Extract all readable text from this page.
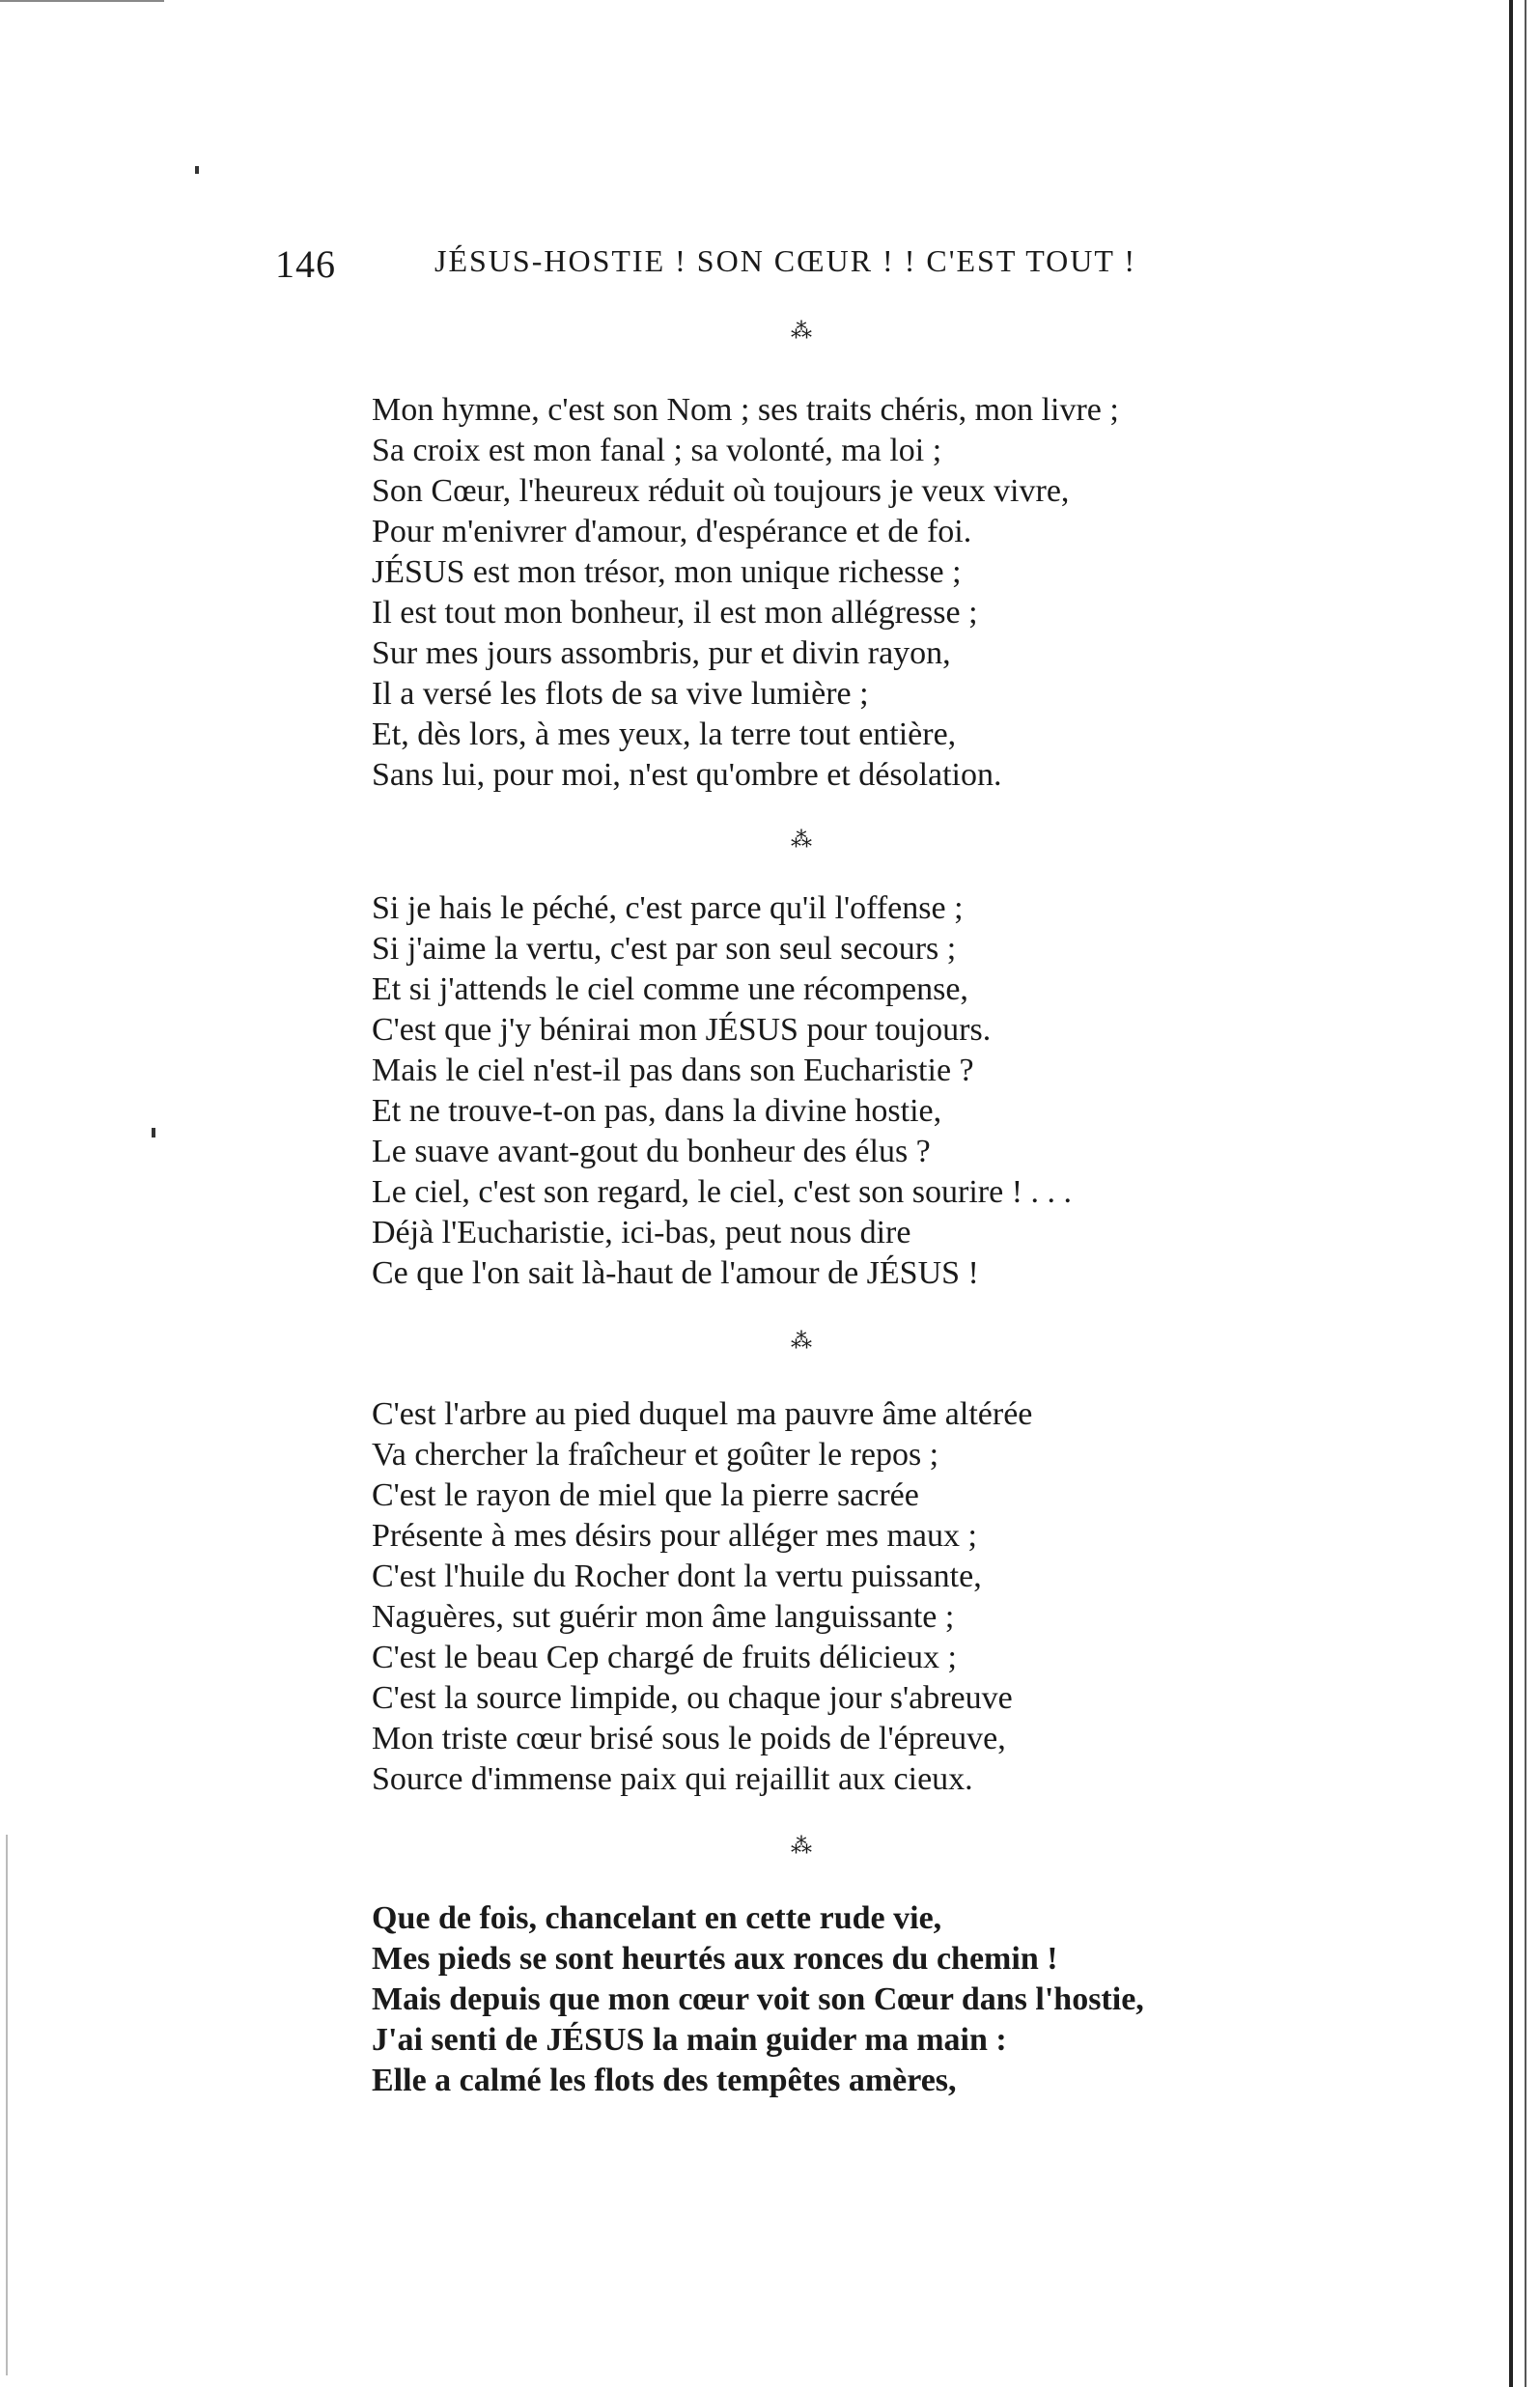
146	JÉSUS-HOSTIE ! SON CŒUR ! ! C'EST TOUT !
⁂
Mon hymne, c'est son Nom ; ses traits chéris, mon livre ;
Sa croix est mon fanal ; sa volonté, ma loi ;
Son Cœur, l'heureux réduit où toujours je veux vivre,
Pour m'enivrer d'amour, d'espérance et de foi.
JÉSUS est mon trésor, mon unique richesse ;
Il est tout mon bonheur, il est mon allégresse ;
Sur mes jours assombris, pur et divin rayon,
Il a versé les flots de sa vive lumière ;
Et, dès lors, à mes yeux, la terre tout entière,
Sans lui, pour moi, n'est qu'ombre et désolation.
⁂
Si je hais le péché, c'est parce qu'il l'offense ;
Si j'aime la vertu, c'est par son seul secours ;
Et si j'attends le ciel comme une récompense,
C'est que j'y bénirai mon JÉSUS pour toujours.
Mais le ciel n'est-il pas dans son Eucharistie ?
Et ne trouve-t-on pas, dans la divine hostie,
Le suave avant-gout du bonheur des élus ?
Le ciel, c'est son regard, le ciel, c'est son sourire ! . . .
Déjà l'Eucharistie, ici-bas, peut nous dire
Ce que l'on sait là-haut de l'amour de JÉSUS !
⁂
C'est l'arbre au pied duquel ma pauvre âme altérée
Va chercher la fraîcheur et goûter le repos ;
C'est le rayon de miel que la pierre sacrée
Présente à mes désirs pour alléger mes maux ;
C'est l'huile du Rocher dont la vertu puissante,
Naguères, sut guérir mon âme languissante ;
C'est le beau Cep chargé de fruits délicieux ;
C'est la source limpide, ou chaque jour s'abreuve
Mon triste cœur brisé sous le poids de l'épreuve,
Source d'immense paix qui rejaillit aux cieux.
⁂
Que de fois, chancelant en cette rude vie,
Mes pieds se sont heurtés aux ronces du chemin !
Mais depuis que mon cœur voit son Cœur dans l'hostie,
J'ai senti de JÉSUS la main guider ma main :
Elle a calmé les flots des tempêtes amères,
